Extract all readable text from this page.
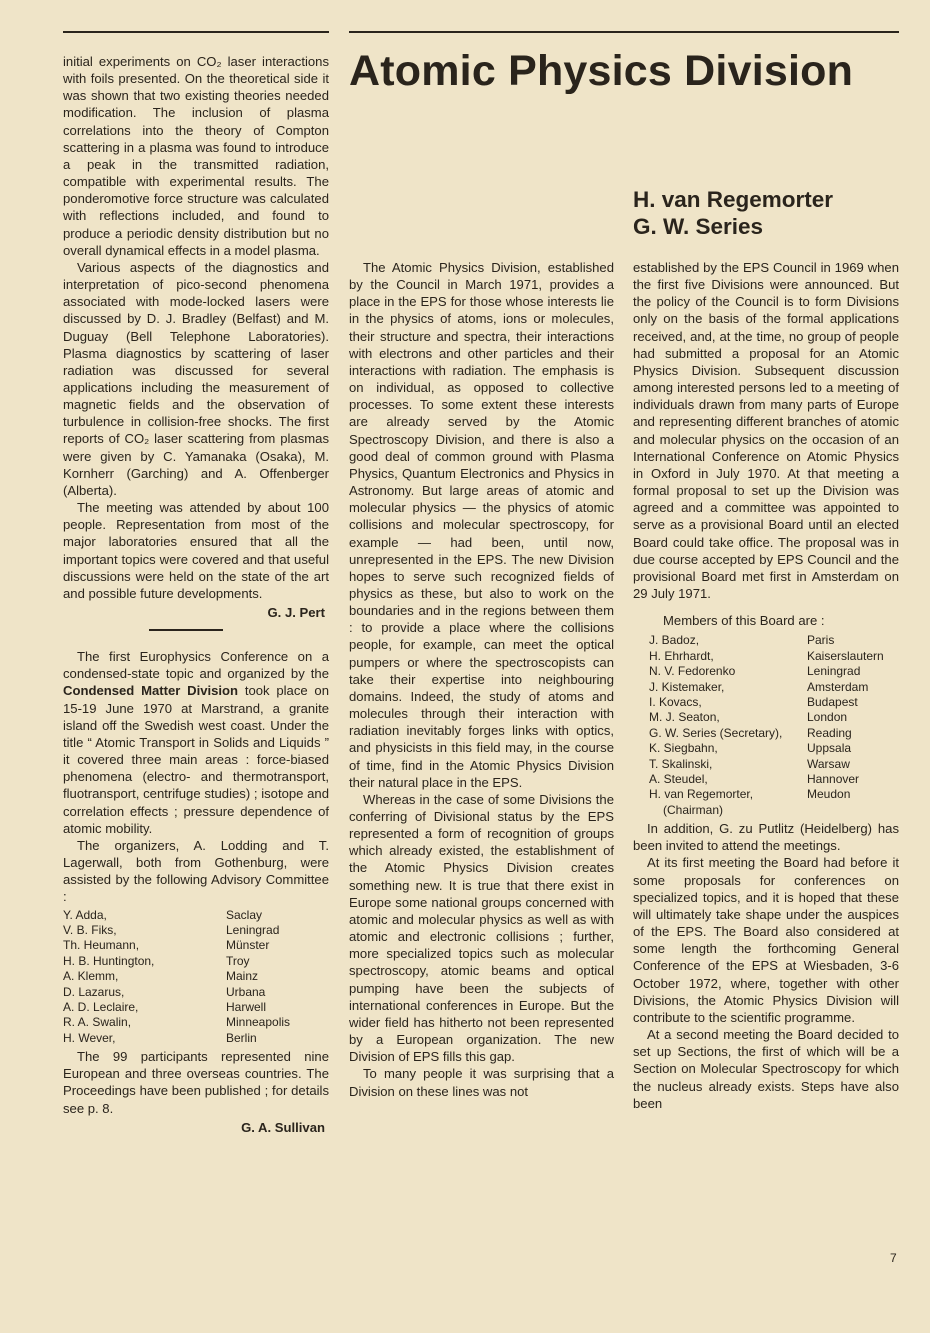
Atomic Physics Division
H. van Regemorter
G. W. Series

initial experiments on CO₂ laser interactions with foils presented. On the theoretical side it was shown that two existing theories needed modification. The inclusion of plasma correlations into the theory of Compton scattering in a plasma was found to introduce a peak in the transmitted radiation, compatible with experimental results. The ponderomotive force structure was calculated with reflections included, and found to produce a periodic density distribution but no overall dynamical effects in a model plasma.

Various aspects of the diagnostics and interpretation of pico-second phenomena associated with mode-locked lasers were discussed by D. J. Bradley (Belfast) and M. Duguay (Bell Telephone Laboratories). Plasma diagnostics by scattering of laser radiation was discussed for several applications including the measurement of magnetic fields and the observation of turbulence in collision-free shocks. The first reports of CO₂ laser scattering from plasmas were given by C. Yamanaka (Osaka), M. Kornherr (Garching) and A. Offenberger (Alberta).

The meeting was attended by about 100 people. Representation from most of the major laboratories ensured that all the important topics were covered and that useful discussions were held on the state of the art and possible future developments.

G. J. Pert

The first Europhysics Conference on a condensed-state topic and organized by the Condensed Matter Division took place on 15-19 June 1970 at Marstrand, a granite island off the Swedish west coast. Under the title “ Atomic Transport in Solids and Liquids ” it covered three main areas : force-biased phenomena (electro- and thermotransport, fluotransport, centrifuge studies) ; isotope and correlation effects ; pressure dependence of atomic mobility.

The organizers, A. Lodding and T. Lagerwall, both from Gothenburg, were assisted by the following Advisory Committee :

Y. Adda,	Saclay
V. B. Fiks,	Leningrad
Th. Heumann,	Münster
H. B. Huntington,	Troy
A. Klemm,	Mainz
D. Lazarus,	Urbana
A. D. Leclaire,	Harwell
R. A. Swalin,	Minneapolis
H. Wever,	Berlin

The 99 participants represented nine European and three overseas countries. The Proceedings have been published ; for details see p. 8.

G. A. Sullivan

The Atomic Physics Division, established by the Council in March 1971, provides a place in the EPS for those whose interests lie in the physics of atoms, ions or molecules, their structure and spectra, their interactions with electrons and other particles and their interactions with radiation. The emphasis is on individual, as opposed to collective processes. To some extent these interests are already served by the Atomic Spectroscopy Division, and there is also a good deal of common ground with Plasma Physics, Quantum Electronics and Physics in Astronomy. But large areas of atomic and molecular physics — the physics of atomic collisions and molecular spectroscopy, for example — had been, until now, unrepresented in the EPS. The new Division hopes to serve such recognized fields of physics as these, but also to work on the boundaries and in the regions between them : to provide a place where the collisions people, for example, can meet the optical pumpers or where the spectroscopists can take their expertise into neighbouring domains. Indeed, the study of atoms and molecules through their interaction with radiation inevitably forges links with optics, and physicists in this field may, in the course of time, find in the Atomic Physics Division their natural place in the EPS.

Whereas in the case of some Divisions the conferring of Divisional status by the EPS represented a form of recognition of groups which already existed, the establishment of the Atomic Physics Division creates something new. It is true that there exist in Europe some national groups concerned with atomic and molecular physics as well as with atomic and electronic collisions ; further, more specialized topics such as molecular spectroscopy, atomic beams and optical pumping have been the subjects of international conferences in Europe. But the wider field has hitherto not been represented by a European organization. The new Division of EPS fills this gap.

To many people it was surprising that a Division on these lines was not

established by the EPS Council in 1969 when the first five Divisions were announced. But the policy of the Council is to form Divisions only on the basis of the formal applications received, and, at the time, no group of people had submitted a proposal for an Atomic Physics Division. Subsequent discussion among interested persons led to a meeting of individuals drawn from many parts of Europe and representing different branches of atomic and molecular physics on the occasion of an International Conference on Atomic Physics in Oxford in July 1970. At that meeting a formal proposal to set up the Division was agreed and a committee was appointed to serve as a provisional Board until an elected Board could take office. The proposal was in due course accepted by EPS Council and the provisional Board met first in Amsterdam on 29 July 1971.

Members of this Board are :

J. Badoz,	Paris
H. Ehrhardt,	Kaiserslautern
N. V. Fedorenko	Leningrad
J. Kistemaker,	Amsterdam
I. Kovacs,	Budapest
M. J. Seaton,	London
G. W. Series (Secretary),	Reading
K. Siegbahn,	Uppsala
T. Skalinski,	Warsaw
A. Steudel,	Hannover
H. van Regemorter,	Meudon
(Chairman)

In addition, G. zu Putlitz (Heidelberg) has been invited to attend the meetings.

At its first meeting the Board had before it some proposals for conferences on specialized topics, and it is hoped that these will ultimately take shape under the auspices of the EPS. The Board also considered at some length the forthcoming General Conference of the EPS at Wiesbaden, 3-6 October 1972, where, together with other Divisions, the Atomic Physics Division will contribute to the scientific programme.

At a second meeting the Board decided to set up Sections, the first of which will be a Section on Molecular Spectroscopy for which the nucleus already exists. Steps have also been

7
